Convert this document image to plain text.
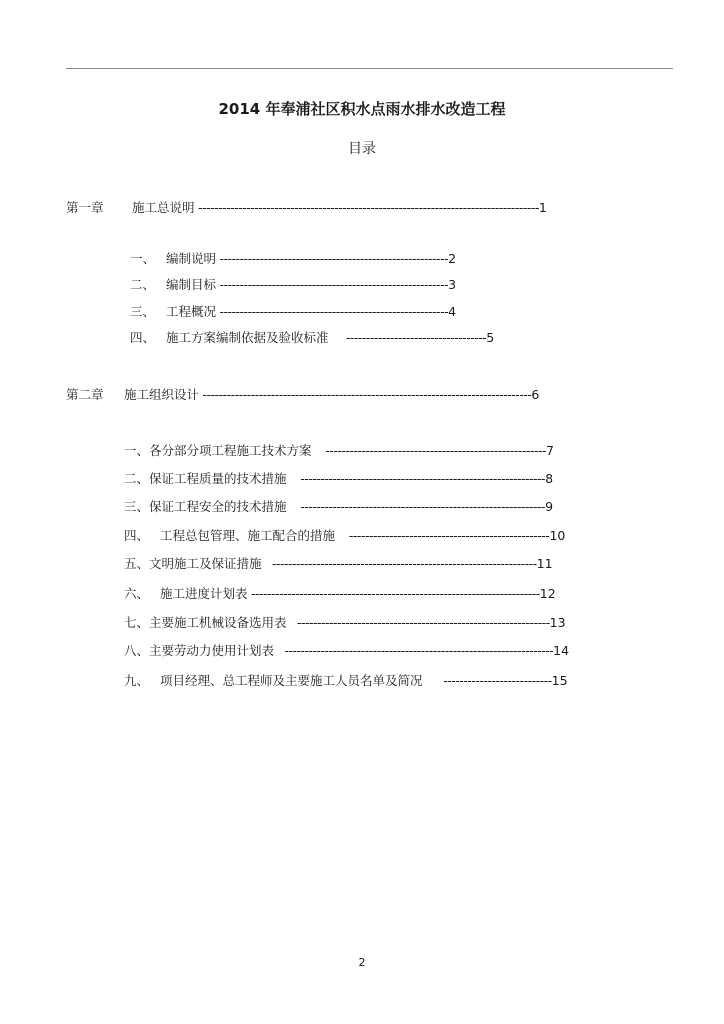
2014 年奉浦社区积水点雨水排水改造工程
目录
第一章 施工总说明 -------------------------------------------------------------------------------------1
一、 编制说明 ---------------------------------------------------------2
二、 编制目标 ---------------------------------------------------------3
三、 工程概况 ---------------------------------------------------------4
四、 施工方案编制依据及验收标准     -----------------------------------5
第二章 施工组织设计 ----------------------------------------------------------------------------------6
一、各分部分项工程施工技术方案    -------------------------------------------------------7
二、保证工程质量的技术措施    -------------------------------------------------------------8
三、保证工程安全的技术措施    -------------------------------------------------------------9
四、 工程总包管理、施工配合的措施    --------------------------------------------------10
五、文明施工及保证措施   ------------------------------------------------------------------11
六、 施工进度计划表 ------------------------------------------------------------------------12
七、主要施工机械设备选用表   ---------------------------------------------------------------13
八、主要劳动力使用计划表   -------------------------------------------------------------------14
九、 项目经理、总工程师及主要施工人员名单及简况      ---------------------------15
2
